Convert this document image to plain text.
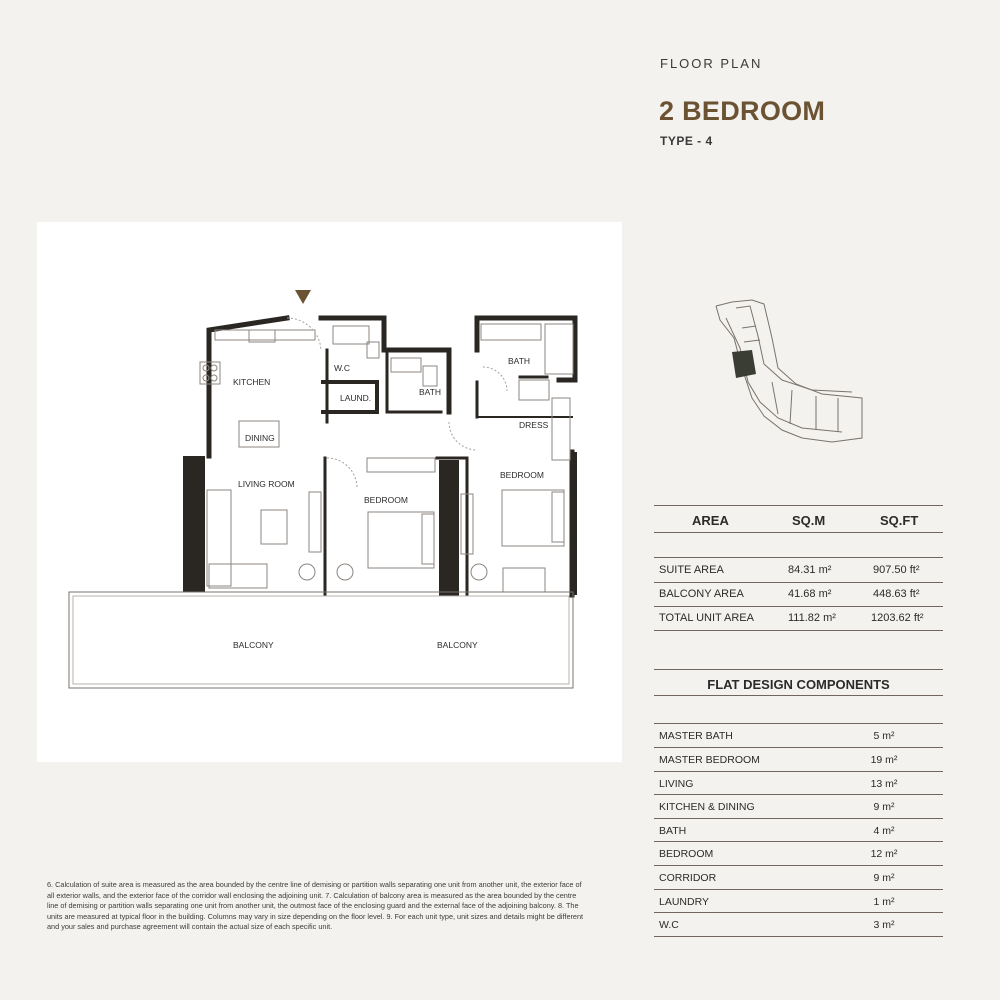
FLOOR PLAN
2 BEDROOM
TYPE - 4
KITCHEN
DINING
LIVING ROOM
W.C
LAUND.
BATH
BATH
DRESS
BEDROOM
BEDROOM
BALCONY	BALCONY
AREA	SQ.M	SQ.FT
SUITE AREA	84.31 m²	907.50 ft²
BALCONY AREA	41.68 m²	448.63 ft²
TOTAL UNIT AREA	111.82 m²	1203.62 ft²
FLAT DESIGN COMPONENTS
MASTER BATH	5 m²
MASTER BEDROOM	19 m²
LIVING	13 m²
KITCHEN & DINING	9 m²
BATH	4 m²
BEDROOM	12 m²
CORRIDOR	9 m²
LAUNDRY	1 m²
W.C	3 m²
6. Calculation of suite area is measured as the area bounded by the centre line of demising or partition walls separating one unit from another unit, the exterior face of all exterior walls, and the exterior face of the corridor wall enclosing the adjoining unit. 7. Calculation of balcony area is measured as the area bounded by the centre line of demising or partition walls separating one unit from another unit, the outmost face of the enclosing guard and the external face of the adjoining balcony. 8. The units are measured at typical floor in the building. Columns may vary in size depending on the floor level. 9. For each unit type, unit sizes and details might be different and your sales and purchase agreement will contain the actual size of each specific unit.
